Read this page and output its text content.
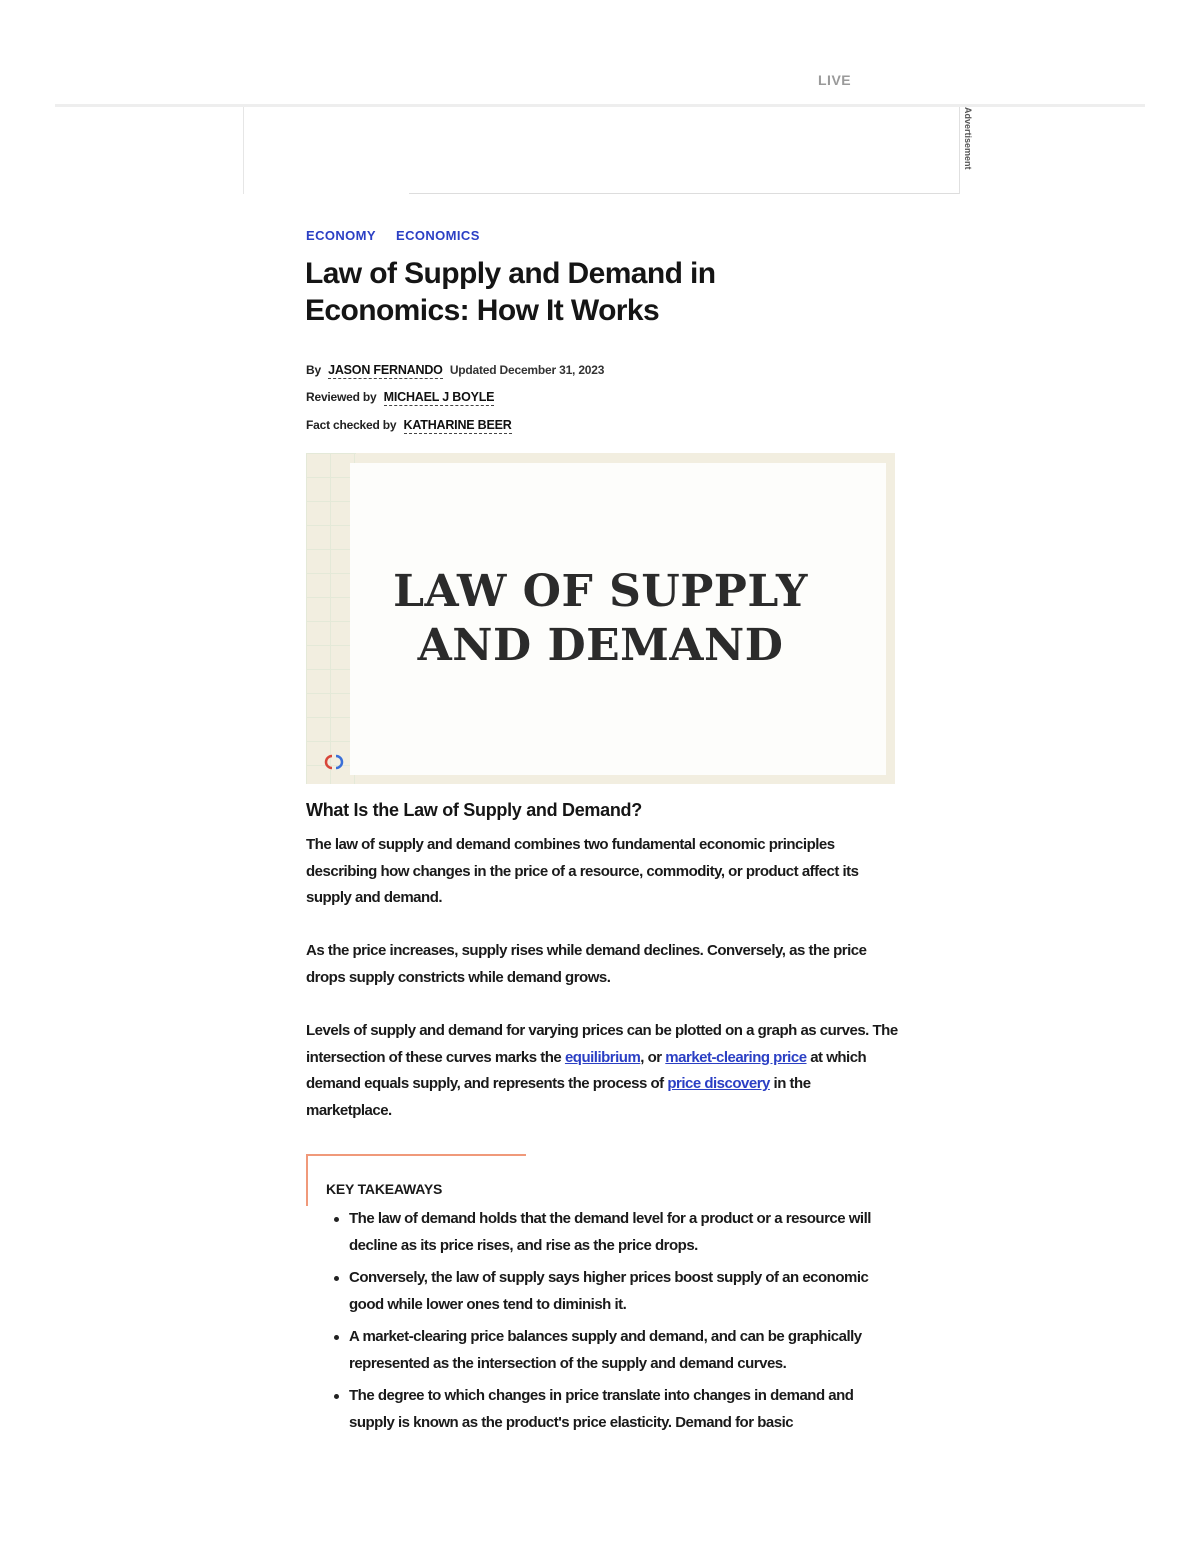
LIVE
Advertisement
ECONOMY ECONOMICS
Law of Supply and Demand in Economics: How It Works
By JASON FERNANDO Updated December 31, 2023
Reviewed by MICHAEL J BOYLE
Fact checked by KATHARINE BEER
LAW OF SUPPLY
AND DEMAND
What Is the Law of Supply and Demand?

The law of supply and demand combines two fundamental economic principles describing how changes in the price of a resource, commodity, or product affect its supply and demand.

As the price increases, supply rises while demand declines. Conversely, as the price drops supply constricts while demand grows.

Levels of supply and demand for varying prices can be plotted on a graph as curves. The intersection of these curves marks the equilibrium, or market-clearing price at which demand equals supply, and represents the process of price discovery in the marketplace.

KEY TAKEAWAYS
The law of demand holds that the demand level for a product or a resource will decline as its price rises, and rise as the price drops.
Conversely, the law of supply says higher prices boost supply of an economic good while lower ones tend to diminish it.
A market-clearing price balances supply and demand, and can be graphically represented as the intersection of the supply and demand curves.
The degree to which changes in price translate into changes in demand and supply is known as the product's price elasticity. Demand for basic
